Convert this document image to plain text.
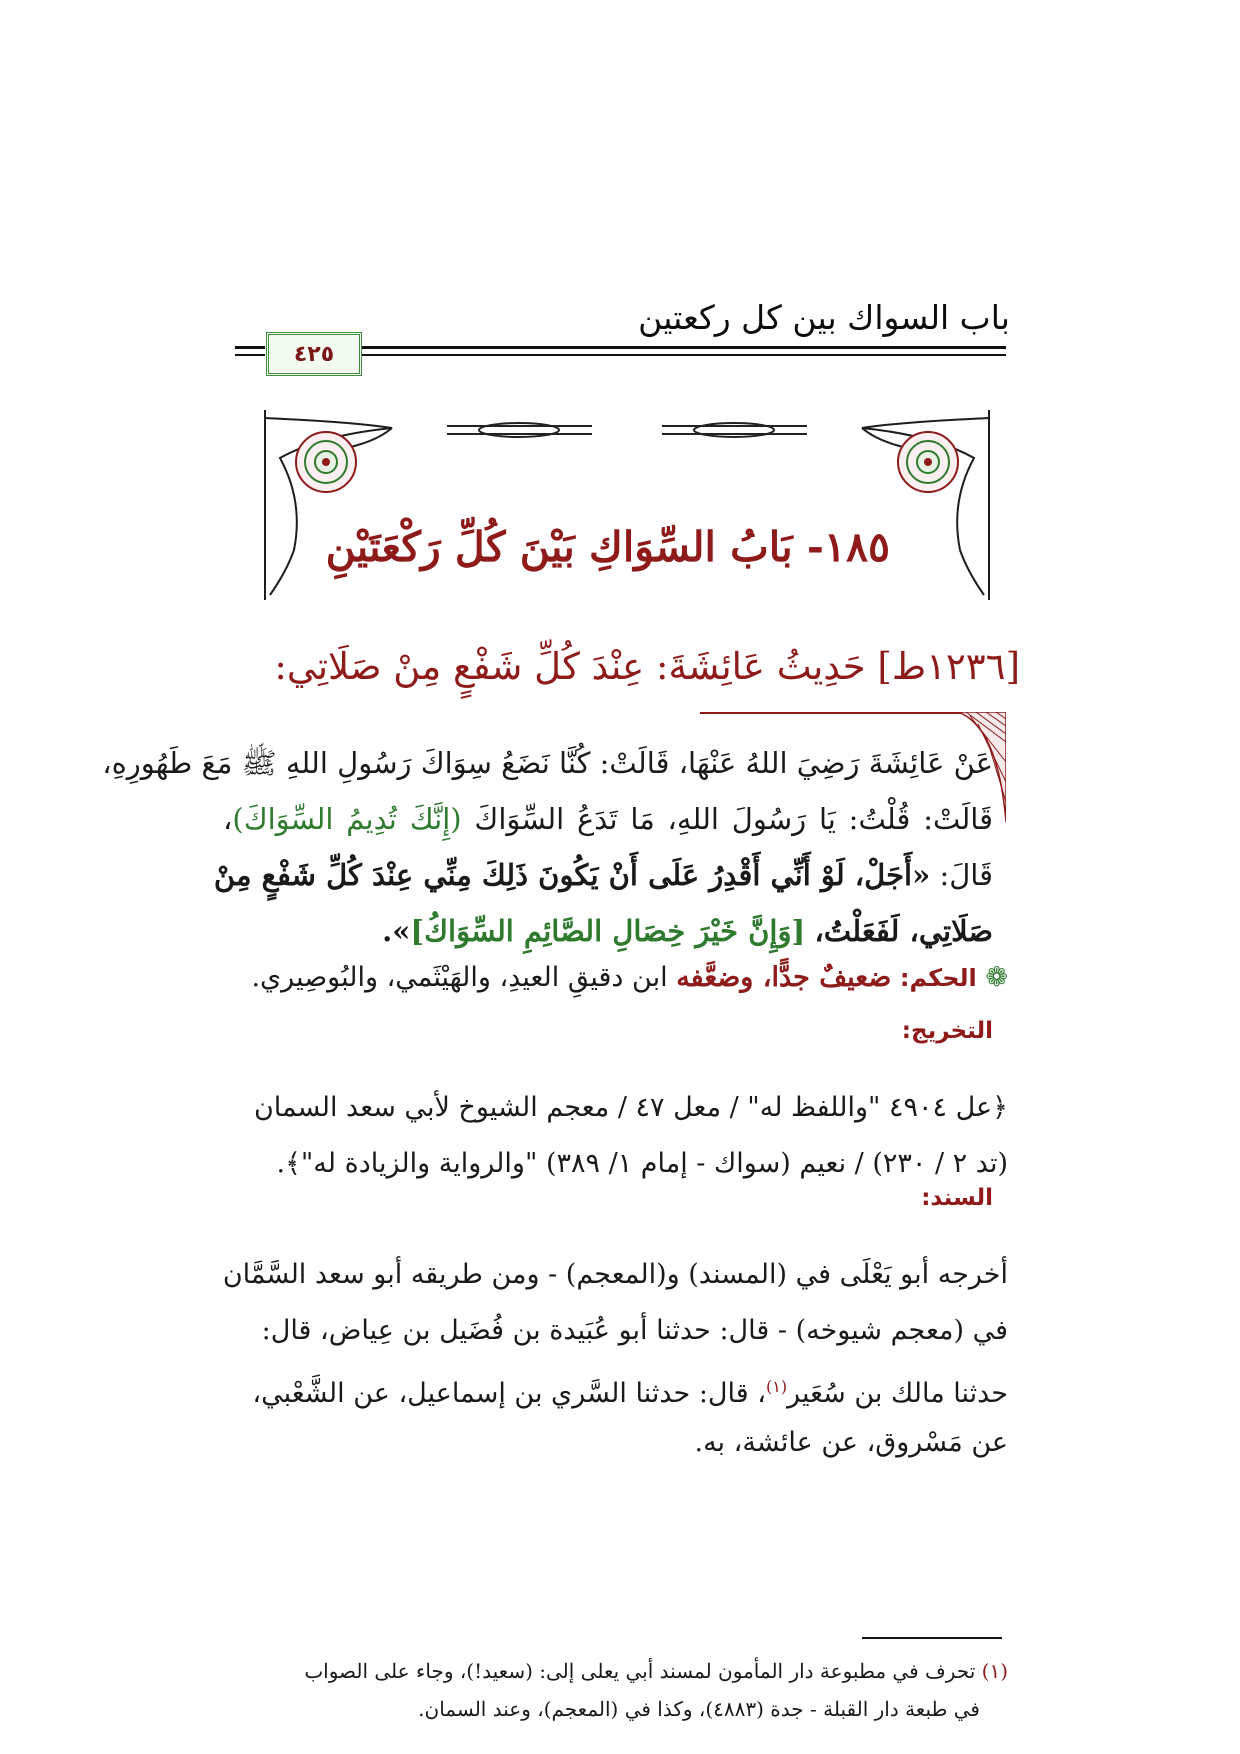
باب السواك بين كل ركعتين
٤٢٥
١٨٥- بَابُ السِّوَاكِ بَيْنَ كُلِّ رَكْعَتَيْنِ
[١٢٣٦ط] حَدِيثُ عَائِشَةَ: عِنْدَ كُلِّ شَفْعٍ مِنْ صَلَاتِي:
عَنْ عَائِشَةَ رَضِيَ اللهُ عَنْهَا، قَالَتْ: كُنَّا نَضَعُ سِوَاكَ رَسُولِ اللهِ ﷺ مَعَ طَهُورِهِ،
قَالَتْ: قُلْتُ: يَا رَسُولَ اللهِ، مَا تَدَعُ السِّوَاكَ (إِنَّكَ تُدِيمُ السِّوَاكَ)،
قَالَ: «أَجَلْ، لَوْ أَنِّي أَقْدِرُ عَلَى أَنْ يَكُونَ ذَلِكَ مِنِّي عِنْدَ كُلِّ شَفْعٍ مِنْ
صَلَاتِي، لَفَعَلْتُ، [وَإِنَّ خَيْرَ خِصَالِ الصَّائِمِ السِّوَاكُ]».
❁ الحكم: ضعيفٌ جدًّا، وضعَّفه ابن دقيقِ العيدِ، والهَيْثَمي، والبُوصِيري.
التخريج:
﴿عل ٤٩٠٤ "واللفظ له" / معل ٤٧ / معجم الشيوخ لأبي سعد السمان
(تد ٢ / ٢٣٠) / نعيم (سواك - إمام ١/ ٣٨٩) "والرواية والزيادة له"﴾.
السند:
أخرجه أبو يَعْلَى في (المسند) و(المعجم) - ومن طريقه أبو سعد السَّمَّان
في (معجم شيوخه) - قال: حدثنا أبو عُبَيدة بن فُضَيل بن عِياض، قال:
حدثنا مالك بن سُعَير$^{(١)}$، قال: حدثنا السَّري بن إسماعيل، عن الشَّعْبي،
عن مَسْروق، عن عائشة، به.
(١) تحرف في مطبوعة دار المأمون لمسند أبي يعلى إلى: (سعيد!)، وجاء على الصواب
في طبعة دار القبلة - جدة (٤٨٨٣)، وكذا في (المعجم)، وعند السمان.
